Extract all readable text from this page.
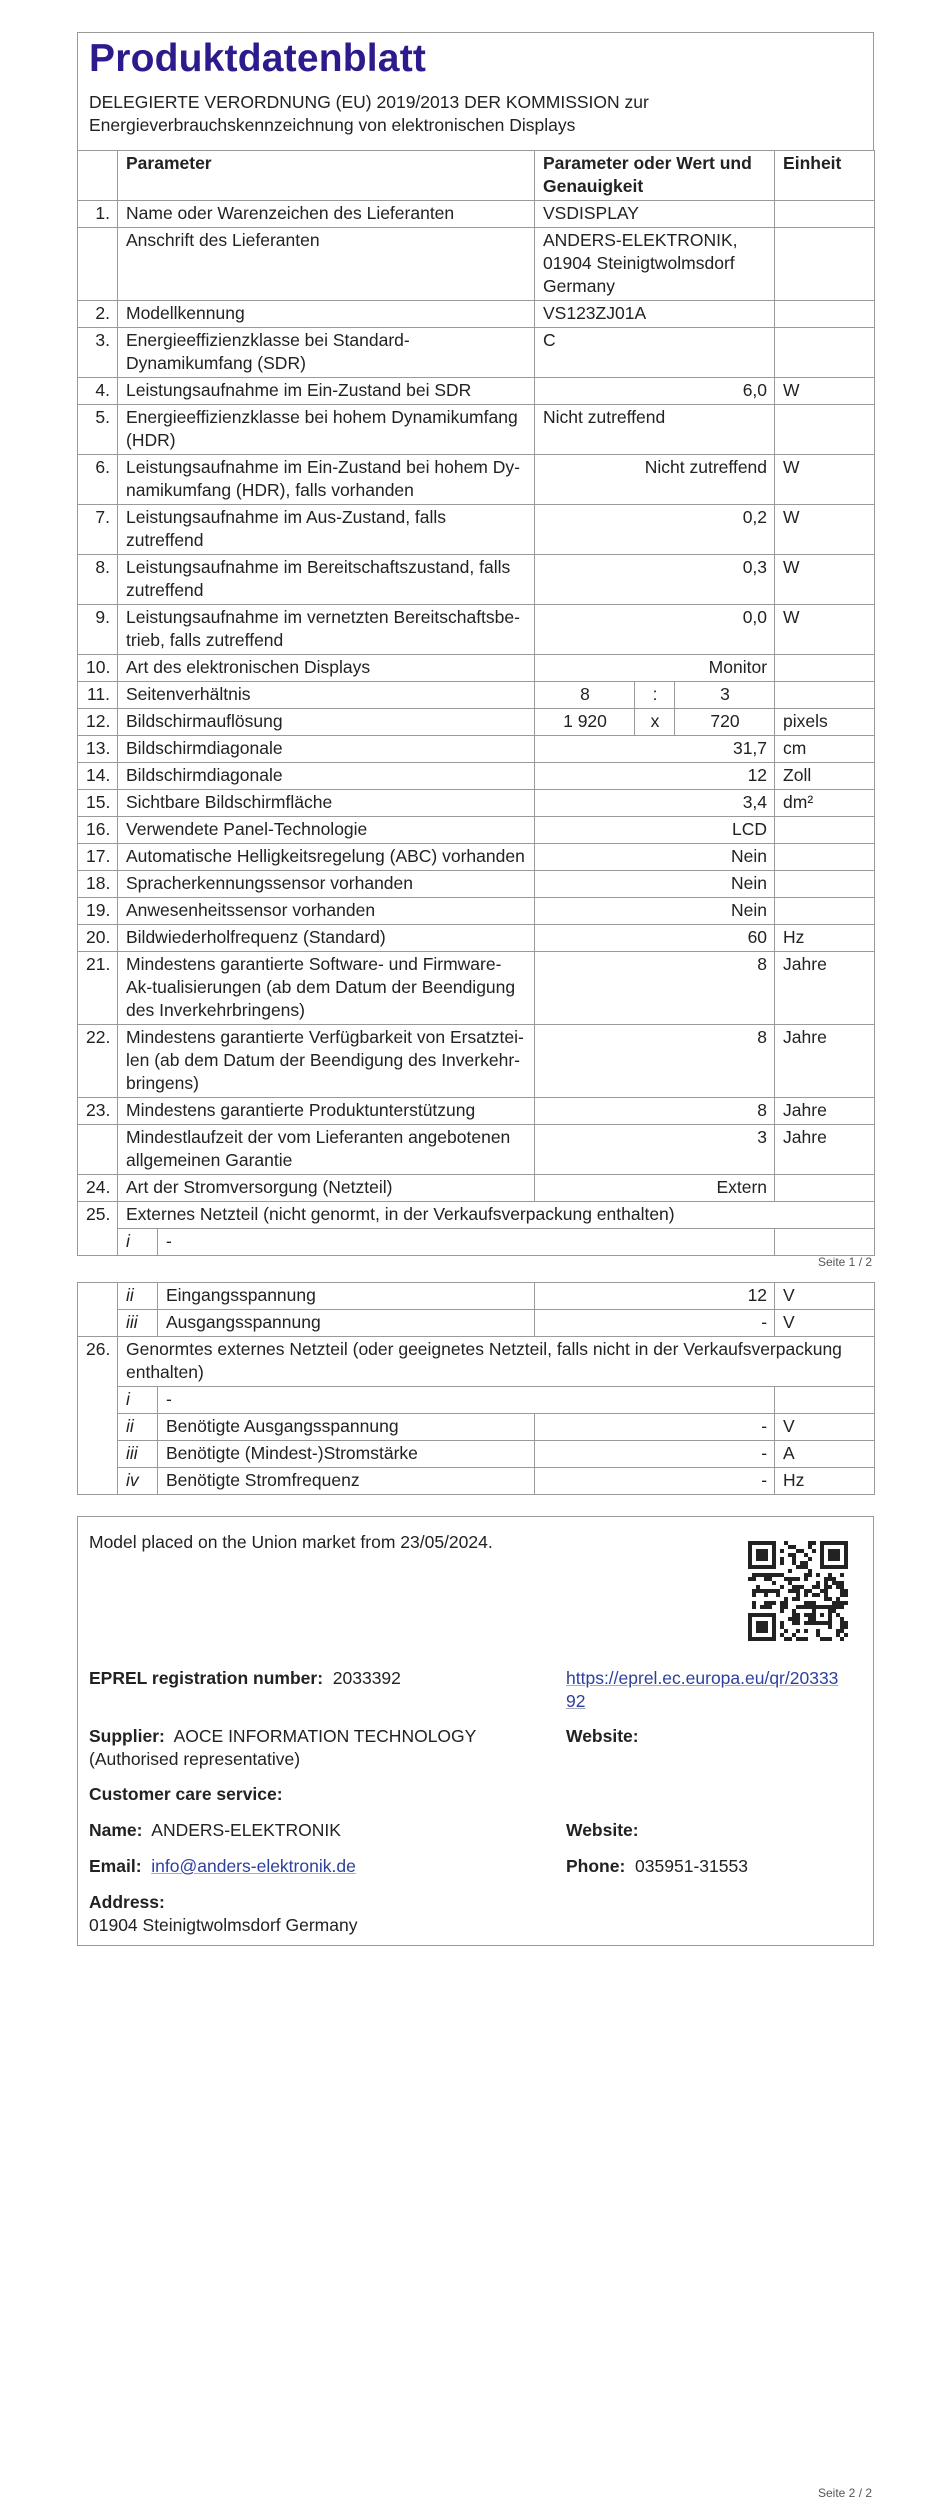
Produktdatenblatt

DELEGIERTE VERORDNUNG (EU) 2019/2013 DER KOMMISSION zur Energieverbrauchskennzeichnung von elektronischen Displays

	Parameter		Parameter oder Wert und Genauigkeit			Einheit
1.	Name oder Warenzeichen des Lieferanten		VSDISPLAY			
	Anschrift des Lieferanten		ANDERS-ELEKTRONIK, 01904 Steinigtwolmsdorf Germany			
2.	Modellkennung		VS123ZJ01A			
3.	Energieeffizienzklasse bei Standard-Dynamikumfang (SDR)		C			
4.	Leistungsaufnahme im Ein-Zustand bei SDR		6,0			W
5.	Energieeffizienzklasse bei hohem Dynamikumfang (HDR)		Nicht zutreffend			
6.	Leistungsaufnahme im Ein-Zustand bei hohem Dy-namikumfang (HDR), falls vorhanden		Nicht zutreffend			W
7.	Leistungsaufnahme im Aus-Zustand, falls zutreffend		0,2			W
8.	Leistungsaufnahme im Bereitschaftszustand, falls zutreffend		0,3			W
9.	Leistungsaufnahme im vernetzten Bereitschaftsbe-trieb, falls zutreffend		0,0			W
10.	Art des elektronischen Displays		Monitor			
11.	Seitenverhältnis		8	:	3	
12.	Bildschirmauflösung		1 920	x	720	pixels
13.	Bildschirmdiagonale		31,7			cm
14.	Bildschirmdiagonale		12			Zoll
15.	Sichtbare Bildschirmfläche		3,4			dm²
16.	Verwendete Panel-Technologie		LCD			
17.	Automatische Helligkeitsregelung (ABC) vorhanden		Nein			
18.	Spracherkennungssensor vorhanden		Nein			
19.	Anwesenheitssensor vorhanden		Nein			
20.	Bildwiederholfrequenz (Standard)		60			Hz
21.	Mindestens garantierte Software- und Firmware-Ak-tualisierungen (ab dem Datum der Beendigung des Inverkehrbringens)		8			Jahre
22.	Mindestens garantierte Verfügbarkeit von Ersatztei-len (ab dem Datum der Beendigung des Inverkehr-bringens)		8			Jahre
23.	Mindestens garantierte Produktunterstützung		8			Jahre
	Mindestlaufzeit der vom Lieferanten angebotenen allgemeinen Garantie		3			Jahre
24.	Art der Stromversorgung (Netzteil)		Extern			
25.	Externes Netzteil (nicht genormt, in der Verkaufsverpackung enthalten)					
	i	-				
Seite 1 / 2
	ii	Eingangsspannung	12	V
	iii	Ausgangsspannung	-	V
26.	Genormtes externes Netzteil (oder geeignetes Netzteil, falls nicht in der Verkaufsverpackung enthalten)			
	i	-		
	ii	Benötigte Ausgangsspannung	-	V
	iii	Benötigte (Mindest-)Stromstärke	-	A
	iv	Benötigte Stromfrequenz	-	Hz
Model placed on the Union market from 23/05/2024.
EPREL registration number: 2033392	https://eprel.ec.europa.eu/qr/2033392
Supplier: AOCE INFORMATION TECHNOLOGY (Authorised representative)
Website:
Customer care service:
Name: ANDERS-ELEKTRONIK	Website:
Email: info@anders-elektronik.de	Phone: 035951-31553
Address:
01904 Steinigtwolmsdorf Germany
Seite 2 / 2
